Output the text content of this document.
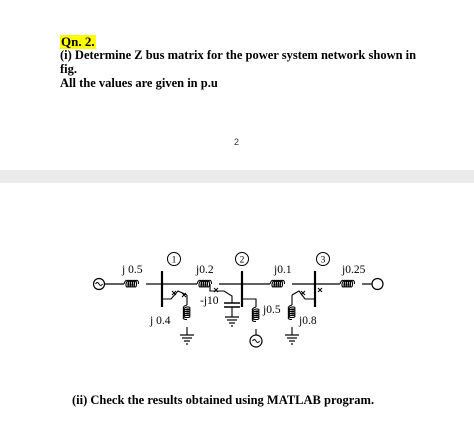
Qn. 2.
(i) Determine Z bus matrix for the power system network shown in
fig.
All the values are given in p.u
2
j 0.5
1
j0.2
j 0.4
-j10
2
j0.5
j0.1
3
j0.8
j0.25
(ii) Check the results obtained using MATLAB program.
